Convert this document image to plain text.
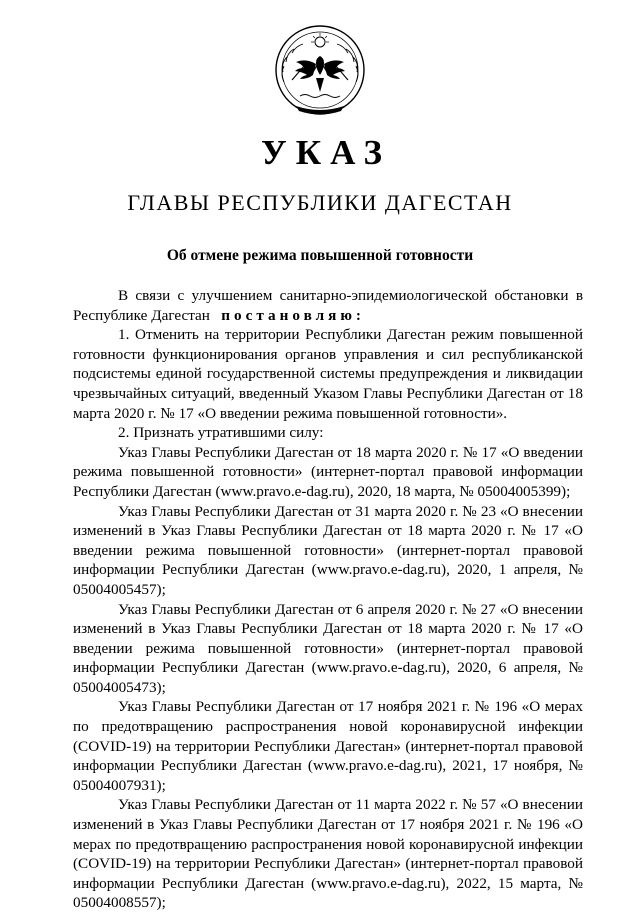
УКАЗ
ГЛАВЫ РЕСПУБЛИКИ ДАГЕСТАН
Об отмене режима повышенной готовности

В связи с улучшением санитарно-эпидемиологической обстановки в Республике Дагестан постановляю:

1. Отменить на территории Республики Дагестан режим повышенной готовности функционирования органов управления и сил республиканской подсистемы единой государственной системы предупреждения и ликвидации чрезвычайных ситуаций, введенный Указом Главы Республики Дагестан от 18 марта 2020 г. № 17 «О введении режима повышенной готовности».

2. Признать утратившими силу:

Указ Главы Республики Дагестан от 18 марта 2020 г. № 17 «О введении режима повышенной готовности» (интернет-портал правовой информации Республики Дагестан (www.pravo.e-dag.ru), 2020, 18 марта, № 05004005399);

Указ Главы Республики Дагестан от 31 марта 2020 г. № 23 «О внесении изменений в Указ Главы Республики Дагестан от 18 марта 2020 г. № 17 «О введении режима повышенной готовности» (интернет-портал правовой информации Республики Дагестан (www.pravo.e-dag.ru), 2020, 1 апреля, № 05004005457);

Указ Главы Республики Дагестан от 6 апреля 2020 г. № 27 «О внесении изменений в Указ Главы Республики Дагестан от 18 марта 2020 г. № 17 «О введении режима повышенной готовности» (интернет-портал правовой информации Республики Дагестан (www.pravo.e-dag.ru), 2020, 6 апреля, № 05004005473);

Указ Главы Республики Дагестан от 17 ноября 2021 г. № 196 «О мерах по предотвращению распространения новой коронавирусной инфекции (COVID-19) на территории Республики Дагестан» (интернет-портал правовой информации Республики Дагестан (www.pravo.e-dag.ru), 2021, 17 ноября, № 05004007931);

Указ Главы Республики Дагестан от 11 марта 2022 г. № 57 «О внесении изменений в Указ Главы Республики Дагестан от 17 ноября 2021 г. № 196 «О мерах по предотвращению распространения новой коронавирусной инфекции (COVID-19) на территории Республики Дагестан» (интернет-портал правовой информации Республики Дагестан (www.pravo.e-dag.ru), 2022, 15 марта, № 05004008557);
